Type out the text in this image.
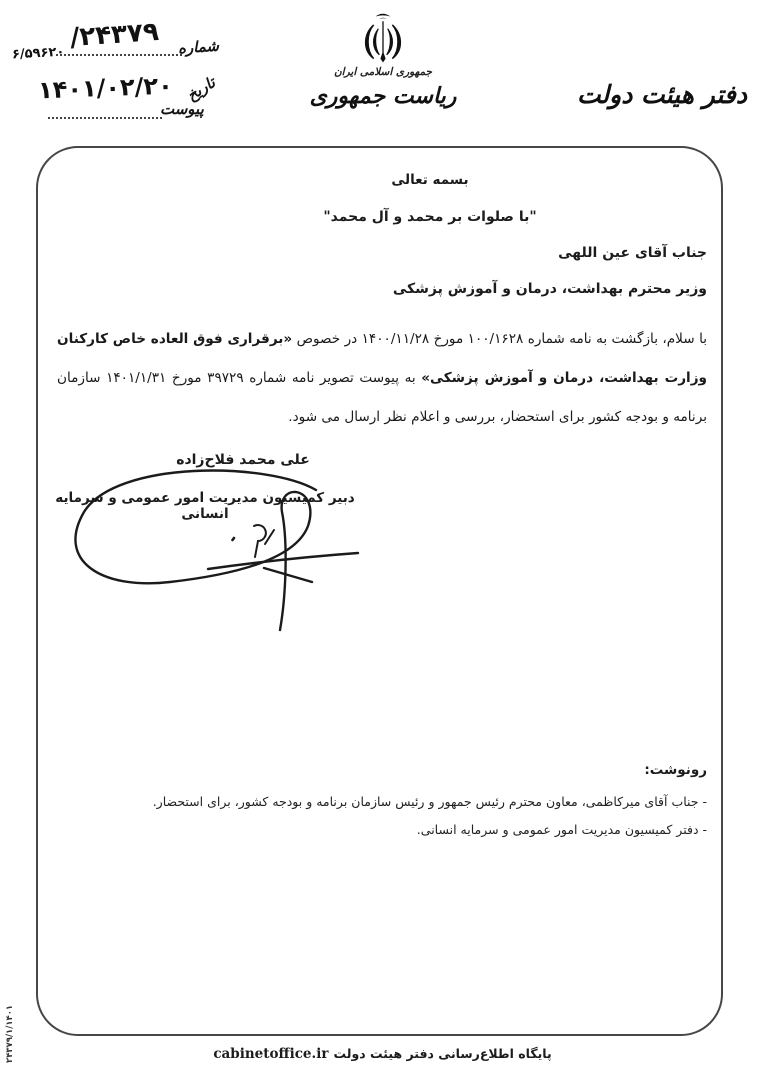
شماره
/۲۴۳۷۹
۶/۵۹۶۲۰
تاریخ
۱۴۰۱/۰۲/۲۰
پیوست
جمهوری اسلامی ایران
ریاست جمهوری	دفتر هیئت دولت
بسمه تعالی
"با صلوات بر محمد و آل محمد"
جناب آقای عین اللهی
وزیر محترم بهداشت، درمان و آموزش پزشکی

با سلام، بازگشت به نامه شماره ۱۰۰/۱۶۲۸ مورخ ۱۴۰۰/۱۱/۲۸ در خصوص «برقراری فوق العاده خاص کارکنان وزارت بهداشت، درمان و آموزش پزشکی» به پیوست تصویر نامه شماره ۳۹۷۲۹ مورخ ۱۴۰۱/۱/۳۱ سازمان برنامه و بودجه کشور برای استحضار، بررسی و اعلام نظر ارسال می شود.

علی محمد فلاح‌زاده
دبیر کمیسیون مدیریت امور عمومی و سرمایه انسانی
رونوشت:
- جناب آقای میرکاظمی، معاون محترم رئیس جمهور و رئیس سازمان برنامه و بودجه کشور، برای استحضار.
- دفتر کمیسیون مدیریت امور عمومی و سرمایه انسانی.
پایگاه اطلاع‌رسانی دفتر هیئت دولت cabinetoffice.ir
۲۴۳۷۹/۱/۱۴۰۱
